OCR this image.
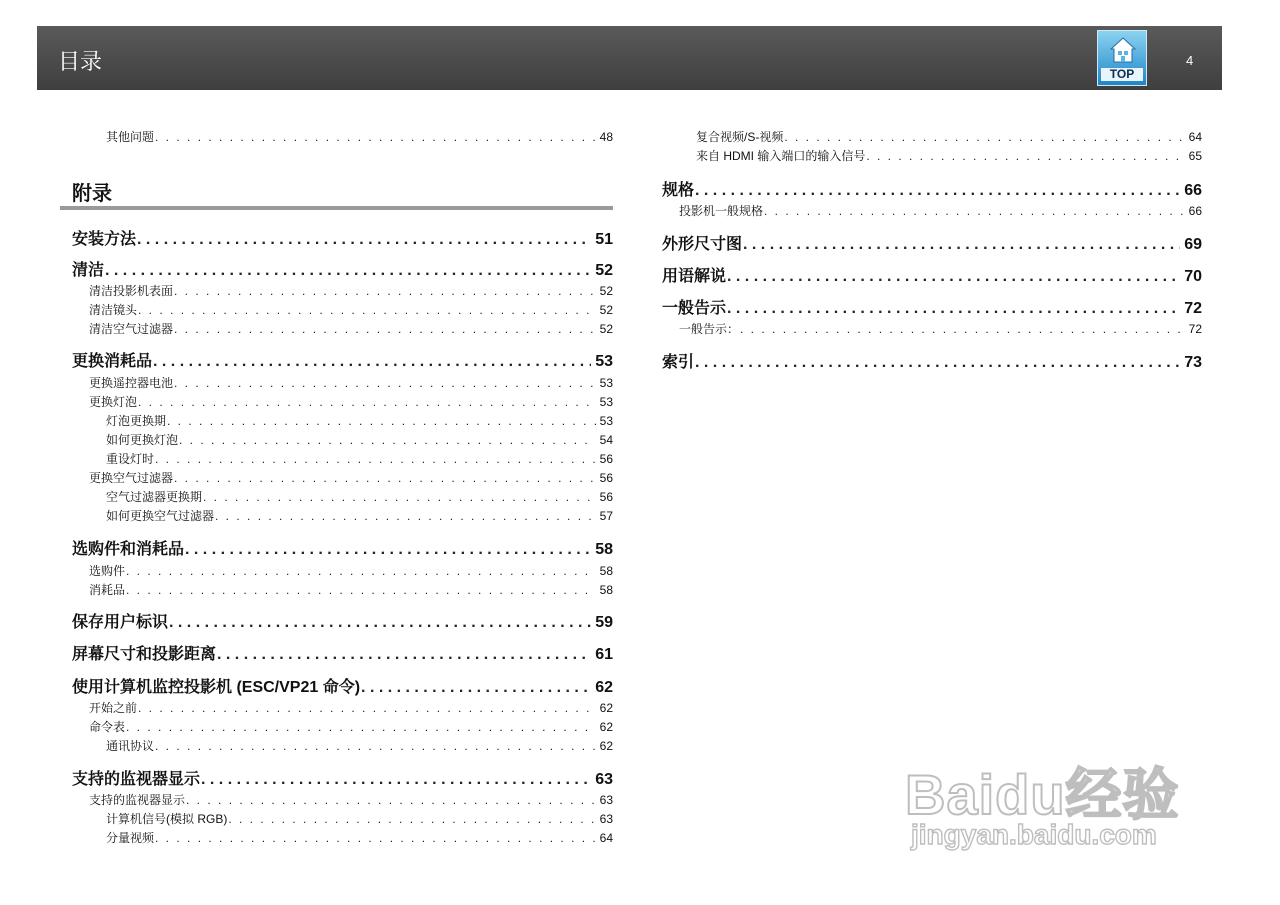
目录	TOP
4
附录
其他问题 . . .	48
安装方法 . . .	51
清洁 . . .	52
清洁投影机表面 . . .	52
清洁镜头 . . .	52
清洁空气过滤器 . . .	52
更换消耗品 . . .	53
更换遥控器电池 . . .	53
更换灯泡 . . .	53
灯泡更换期 . . .	53
如何更换灯泡 . . .	54
重设灯时 . . .	56
更换空气过滤器 . . .	56
空气过滤器更换期 . . .	56
如何更换空气过滤器 . . .	57
选购件和消耗品 . . .	58
选购件 . . .	58
消耗品 . . .	58
保存用户标识 . . .	59
屏幕尺寸和投影距离 . . .	61
使用计算机监控投影机 (ESC/VP21 命令) . . .	62
开始之前 . . .	62
命令表 . . .	62
通讯协议 . . .	62
支持的监视器显示 . . .	63
支持的监视器显示 . . .	63
计算机信号(模拟 RGB) . . .	63
分量视频 . . .	64
复合视频/S-视频 . . .	64
来自 HDMI 输入端口的输入信号 . . .	65
规格 . . .	66
投影机一般规格 . . .	66
外形尺寸图 . . .	69
用语解说 . . .	70
一般告示 . . .	72
一般告示： . . .	72
索引 . . .	73
Baidu经验
jingyan.baidu.com
